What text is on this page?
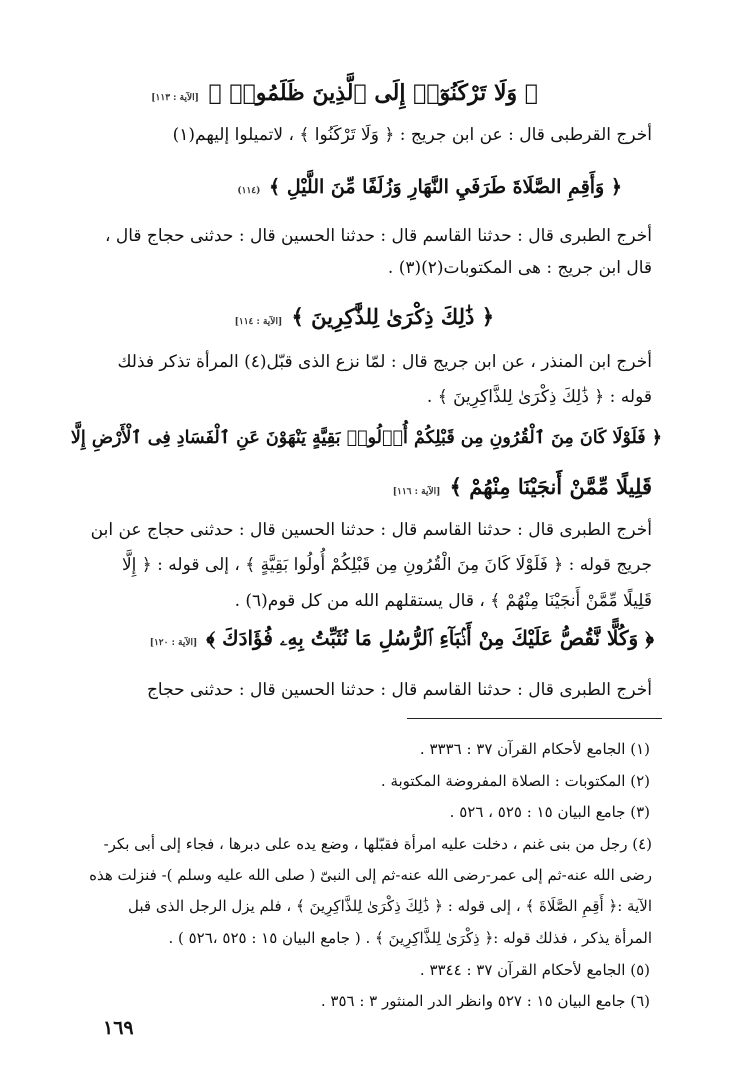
﴿ وَلَا تَرْكَنُوٓا۟ إِلَى ٱلَّذِينَ ظَلَمُوا۟ ﴾ [الآية : ١١٣]
أخرج القرطبى قال : عن ابن جريج : ﴿ وَلَا تَرْكَنُوا ﴾ ، لاتميلوا إليهم(١)
﴿ وَأَقِمِ الصَّلَاةَ طَرَفَيِ النَّهَارِ وَزُلَفًا مِّنَ اللَّيْلِ ﴾ (١١٤)
أخرج الطبرى قال : حدثنا القاسم قال : حدثنا الحسين قال : حدثنى حجاج قال ،
قال ابن جريج : هى المكتوبات(٢)(٣) .
﴿ ذَٰلِكَ ذِكْرَىٰ لِلذَّٰكِرِينَ ﴾ [الآية : ١١٤]
أخرج ابن المنذر ، عن ابن جريج قال : لمّا نزع الذى قبّل(٤) المرأة تذكر فذلك
قوله : ﴿ ذَٰلِكَ ذِكْرَىٰ لِلذَّاكِرِينَ ﴾ .
﴿ فَلَوْلَا كَانَ مِنَ ٱلْقُرُونِ مِن قَبْلِكُمْ أُو۟لُوا۟ بَقِيَّةٍ يَنْهَوْنَ عَنِ ٱلْفَسَادِ فِى ٱلْأَرْضِ إِلَّا
قَلِيلًا مِّمَّنْ أَنجَيْنَا مِنْهُمْ ﴾ [الآية : ١١٦]
أخرج الطبرى قال : حدثنا القاسم قال : حدثنا الحسين قال : حدثنى حجاج عن ابن
جريج قوله : ﴿ فَلَوْلَا كَانَ مِنَ الْقُرُونِ مِن قَبْلِكُمْ أُولُوا بَقِيَّةٍ ﴾ ، إلى قوله : ﴿ إِلَّا
قَلِيلًا مِّمَّنْ أَنجَيْنَا مِنْهُمْ ﴾ ، قال يستقلهم الله من كل قوم(٦) .
﴿ وَكُلًّا نَّقُصُّ عَلَيْكَ مِنْ أَنۢبَآءِ ٱلرُّسُلِ مَا نُثَبِّتُ بِهِۦ فُؤَادَكَ ﴾ [الآية : ١٢٠]
أخرج الطبرى قال : حدثنا القاسم قال : حدثنا الحسين قال : حدثنى حجاج
(١) الجامع لأحكام القرآن ٣٧ : ٣٣٣٦ .
(٢) المكتوبات : الصلاة المفروضة المكتوبة .
(٣) جامع البيان ١٥ : ٥٢٥ ، ٥٢٦ .
(٤) رجل من بنى غنم ، دخلت عليه امرأة فقبّلها ، وضع يده على دبرها ، فجاء إلى أبى بكر-
رضى الله عنه-ثم إلى عمر-رضى الله عنه-ثم إلى النبىّ ( صلى الله عليه وسلم )- فنزلت هذه
الآية :﴿ أَقِمِ الصَّلَاةَ ﴾ ، إلى قوله : ﴿ ذَٰلِكَ ذِكْرَىٰ لِلذَّاكِرِينَ ﴾ ، فلم يزل الرجل الذى قبل
المرأة يذكر ، فذلك قوله :﴿ ذِكْرَىٰ لِلذَّاكِرِينَ ﴾ . ( جامع البيان ١٥ : ٥٢٥ ،٥٢٦ ) .
(٥) الجامع لأحكام القرآن ٣٧ : ٣٣٤٤ .
(٦) جامع البيان ١٥ : ٥٢٧ وانظر الدر المنثور ٣ : ٣٥٦ .
١٦٩
